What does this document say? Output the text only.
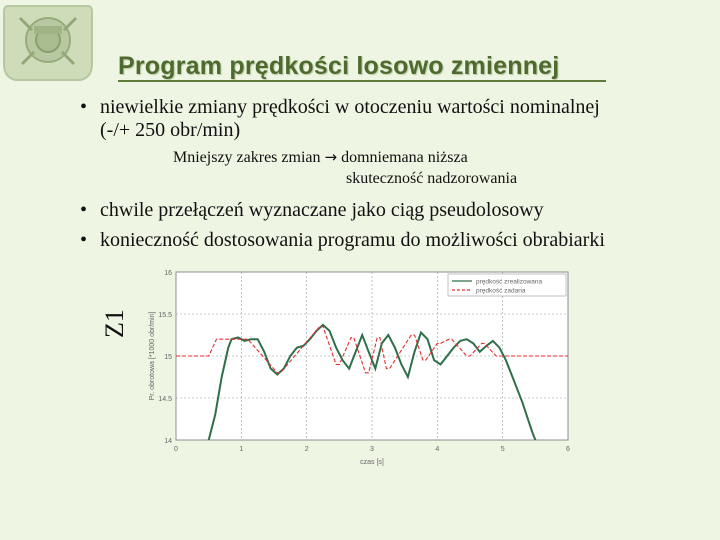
Program prędkości losowo zmiennej
• niewielkie zmiany prędkości w otoczeniu wartości nominalnej
(-/+ 250 obr/min)
Mniejszy zakres zmian → domniemana niższa
skuteczność nadzorowania
• chwile przełączeń wyznaczane jako ciąg pseudolosowy
• konieczność dostosowania programu do możliwości obrabiarki
Z1
0	1	2	3	4	5	6
14
14.5
15
15.5
16
czas [s]
Pr. obrotowa [*1000 obr/min]
prędkość zrealizowana
prędkość zadana
